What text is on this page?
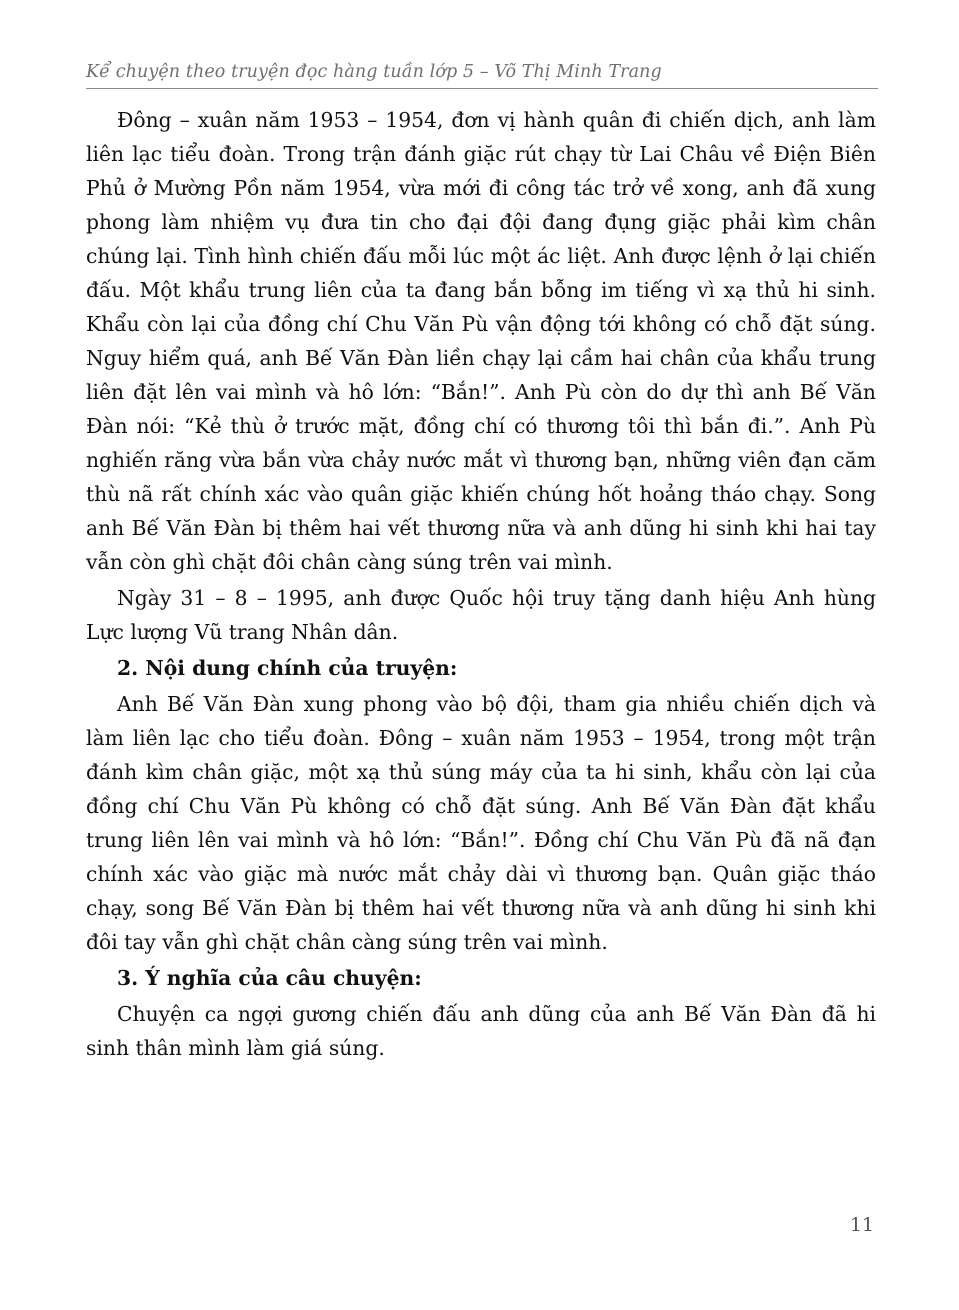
Kể chuyện theo truyện đọc hàng tuần lớp 5 – Võ Thị Minh Trang

Đông – xuân năm 1953 – 1954, đơn vị hành quân đi chiến dịch, anh làm liên lạc tiểu đoàn. Trong trận đánh giặc rút chạy từ Lai Châu về Điện Biên Phủ ở Mường Pồn năm 1954, vừa mới đi công tác trở về xong, anh đã xung phong làm nhiệm vụ đưa tin cho đại đội đang đụng giặc phải kìm chân chúng lại. Tình hình chiến đấu mỗi lúc một ác liệt. Anh được lệnh ở lại chiến đấu. Một khẩu trung liên của ta đang bắn bỗng im tiếng vì xạ thủ hi sinh. Khẩu còn lại của đồng chí Chu Văn Pù vận động tới không có chỗ đặt súng. Nguy hiểm quá, anh Bế Văn Đàn liền chạy lại cầm hai chân của khẩu trung liên đặt lên vai mình và hô lớn: “Bắn!”. Anh Pù còn do dự thì anh Bế Văn Đàn nói: “Kẻ thù ở trước mặt, đồng chí có thương tôi thì bắn đi.”. Anh Pù nghiến răng vừa bắn vừa chảy nước mắt vì thương bạn, những viên đạn căm thù nã rất chính xác vào quân giặc khiến chúng hốt hoảng tháo chạy. Song anh Bế Văn Đàn bị thêm hai vết thương nữa và anh dũng hi sinh khi hai tay vẫn còn ghì chặt đôi chân càng súng trên vai mình.

Ngày 31 – 8 – 1995, anh được Quốc hội truy tặng danh hiệu Anh hùng Lực lượng Vũ trang Nhân dân.

2. Nội dung chính của truyện:

Anh Bế Văn Đàn xung phong vào bộ đội, tham gia nhiều chiến dịch và làm liên lạc cho tiểu đoàn. Đông – xuân năm 1953 – 1954, trong một trận đánh kìm chân giặc, một xạ thủ súng máy của ta hi sinh, khẩu còn lại của đồng chí Chu Văn Pù không có chỗ đặt súng. Anh Bế Văn Đàn đặt khẩu trung liên lên vai mình và hô lớn: “Bắn!”. Đồng chí Chu Văn Pù đã nã đạn chính xác vào giặc mà nước mắt chảy dài vì thương bạn. Quân giặc tháo chạy, song Bế Văn Đàn bị thêm hai vết thương nữa và anh dũng hi sinh khi đôi tay vẫn ghì chặt chân càng súng trên vai mình.

3. Ý nghĩa của câu chuyện:

Chuyện ca ngợi gương chiến đấu anh dũng của anh Bế Văn Đàn đã hi sinh thân mình làm giá súng.

11
